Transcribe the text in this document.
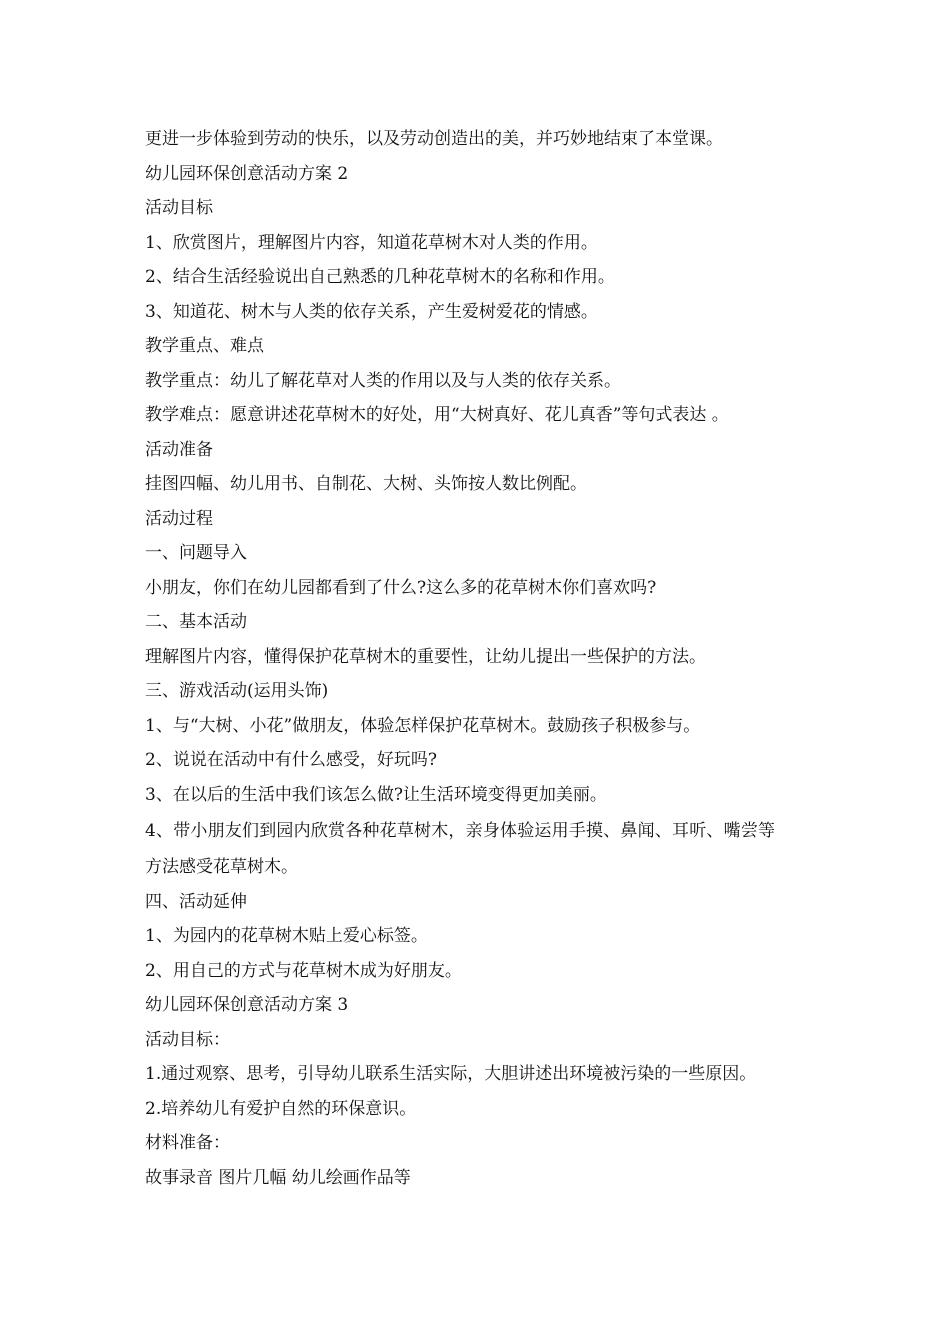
更进一步体验到劳动的快乐，以及劳动创造出的美，并巧妙地结束了本堂课。
幼儿园环保创意活动方案 2
活动目标
1、欣赏图片，理解图片内容，知道花草树木对人类的作用。
2、结合生活经验说出自己熟悉的几种花草树木的名称和作用。
3、知道花、树木与人类的依存关系，产生爱树爱花的情感。
教学重点、难点
教学重点：幼儿了解花草对人类的作用以及与人类的依存关系。
教学难点：愿意讲述花草树木的好处，用“大树真好、花儿真香”等句式表达 。
活动准备
挂图四幅、幼儿用书、自制花、大树、头饰按人数比例配。
活动过程
一、问题导入
小朋友，你们在幼儿园都看到了什么?这么多的花草树木你们喜欢吗?
二、基本活动
理解图片内容，懂得保护花草树木的重要性，让幼儿提出一些保护的方法。
三、游戏活动(运用头饰)
1、与“大树、小花”做朋友，体验怎样保护花草树木。鼓励孩子积极参与。
2、说说在活动中有什么感受，好玩吗?
3、在以后的生活中我们该怎么做?让生活环境变得更加美丽。
4、带小朋友们到园内欣赏各种花草树木，亲身体验运用手摸、鼻闻、耳听、嘴尝等
方法感受花草树木。
四、活动延伸
1、为园内的花草树木贴上爱心标签。
2、用自己的方式与花草树木成为好朋友。
幼儿园环保创意活动方案 3
活动目标：
1.通过观察、思考，引导幼儿联系生活实际，大胆讲述出环境被污染的一些原因。
2.培养幼儿有爱护自然的环保意识。
材料准备：
故事录音 图片几幅 幼儿绘画作品等
